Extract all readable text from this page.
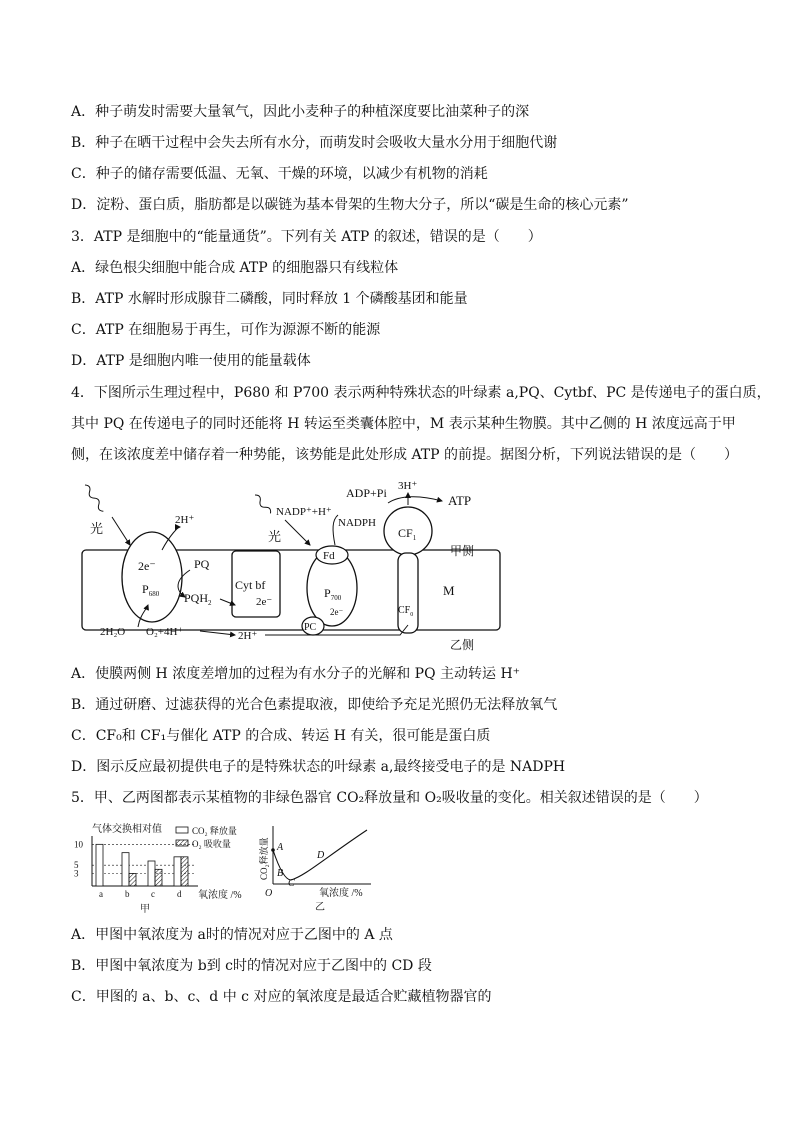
A．种子萌发时需要大量氧气，因此小麦种子的种植深度要比油菜种子的深
B．种子在晒干过程中会失去所有水分，而萌发时会吸收大量水分用于细胞代谢
C．种子的储存需要低温、无氧、干燥的环境，以减少有机物的消耗
D．淀粉、蛋白质，脂肪都是以碳链为基本骨架的生物大分子，所以“碳是生命的核心元素”
3．ATP 是细胞中的“能量通货”。下列有关 ATP 的叙述，错误的是（　　）
A．绿色根尖细胞中能合成 ATP 的细胞器只有线粒体
B．ATP 水解时形成腺苷二磷酸，同时释放 1 个磷酸基团和能量
C．ATP 在细胞易于再生，可作为源源不断的能源
D．ATP 是细胞内唯一使用的能量载体
4．下图所示生理过程中，P680 和 P700 表示两种特殊状态的叶绿素 a,PQ、Cytbf、PC 是传递电子的蛋白质，
其中 PQ 在传递电子的同时还能将 H 转运至类囊体腔中，M 表示某种生物膜。其中乙侧的 H 浓度远高于甲
侧，在该浓度差中储存着一种势能，该势能是此处形成 ATP 的前提。据图分析，下列说法错误的是（　　）
光
光
2e⁻
$P_{680}$
2H⁺
PQ
$PQH_2$
Cyt bf
2e⁻
Fd
$P_{700}$
2e⁻
PC
NADP⁺+H⁺
NADPH
$CF_1$
$CF_0$
ADP+Pi 3H⁺
ATP
M
甲侧
乙侧
2H₂O O₂+4H⁺	2H⁺
A．使膜两侧 H 浓度差增加的过程为有水分子的光解和 PQ 主动转运 H⁺
B．通过研磨、过滤获得的光合色素提取液，即使给予充足光照仍无法释放氧气
C．CF₀和 CF₁与催化 ATP 的合成、转运 H 有关，很可能是蛋白质
D．图示反应最初提供电子的是特殊状态的叶绿素 a,最终接受电子的是 NADPH
5．甲、乙两图都表示某植物的非绿色器官 CO₂释放量和 O₂吸收量的变化。相关叙述错误的是（　　）
气体交换相对值	CO₂ 释放量
O₂ 吸收量
10
5
3
a b c d 氧浓度 /%
甲
CO₂释放量 A
B
C
D
O	氧浓度 /%
乙
A．甲图中氧浓度为 a时的情况对应于乙图中的 A 点
B．甲图中氧浓度为 b到 c时的情况对应于乙图中的 CD 段
C．甲图的 a、b、c、d 中 c 对应的氧浓度是最适合贮藏植物器官的
